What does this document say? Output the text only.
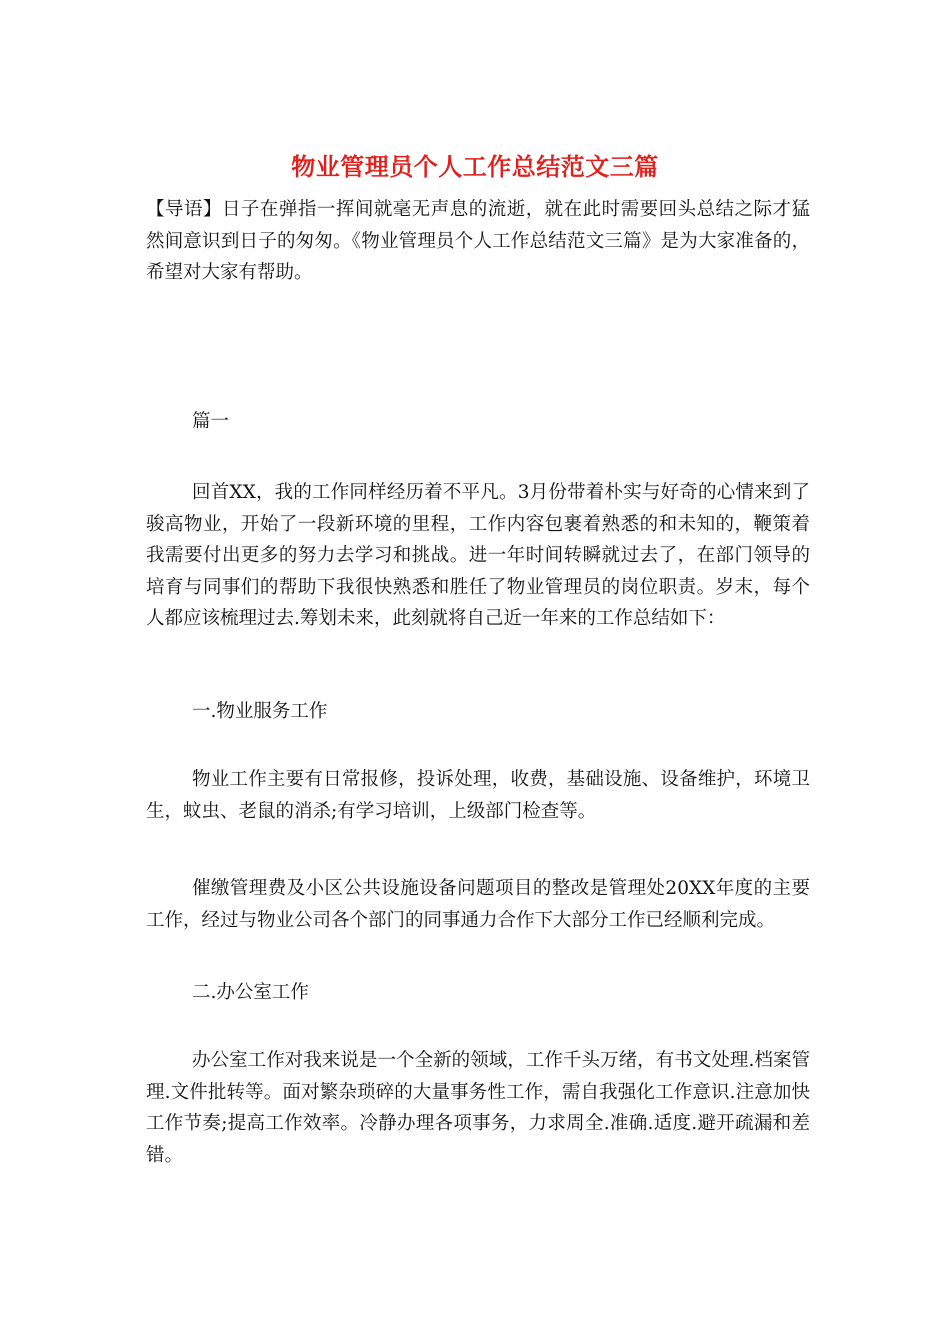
物业管理员个人工作总结范文三篇
【导语】日子在弹指一挥间就毫无声息的流逝，就在此时需要回头总结之际才猛然间意识到日子的匆匆。《物业管理员个人工作总结范文三篇》是为大家准备的，希望对大家有帮助。
篇一
回首XX，我的工作同样经历着不平凡。3月份带着朴实与好奇的心情来到了骏高物业，开始了一段新环境的里程，工作内容包裹着熟悉的和未知的，鞭策着我需要付出更多的努力去学习和挑战。进一年时间转瞬就过去了，在部门领导的培育与同事们的帮助下我很快熟悉和胜任了物业管理员的岗位职责。岁末，每个人都应该梳理过去.筹划未来，此刻就将自己近一年来的工作总结如下：
一.物业服务工作
物业工作主要有日常报修，投诉处理，收费，基础设施、设备维护，环境卫生，蚊虫、老鼠的消杀;有学习培训，上级部门检查等。
催缴管理费及小区公共设施设备问题项目的整改是管理处20XX年度的主要工作，经过与物业公司各个部门的同事通力合作下大部分工作已经顺利完成。
二.办公室工作
办公室工作对我来说是一个全新的领域，工作千头万绪，有书文处理.档案管理.文件批转等。面对繁杂琐碎的大量事务性工作，需自我强化工作意识.注意加快工作节奏;提高工作效率。冷静办理各项事务，力求周全.准确.适度.避开疏漏和差错。
